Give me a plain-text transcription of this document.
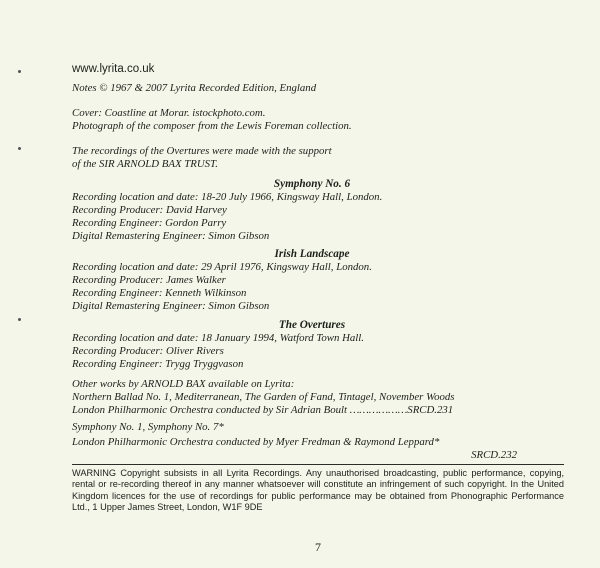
www.lyrita.co.uk
Notes © 1967 & 2007 Lyrita Recorded Edition, England
Cover: Coastline at Morar. istockphoto.com.
Photograph of the composer from the Lewis Foreman collection.
The recordings of the Overtures were made with the support
of the SIR ARNOLD BAX TRUST.
Symphony No. 6
Recording location and date: 18-20 July 1966, Kingsway Hall, London.
Recording Producer: David Harvey
Recording Engineer: Gordon Parry
Digital Remastering Engineer: Simon Gibson
Irish Landscape
Recording location and date: 29 April 1976, Kingsway Hall, London.
Recording Producer: James Walker
Recording Engineer: Kenneth Wilkinson
Digital Remastering Engineer: Simon Gibson
The Overtures
Recording location and date: 18 January 1994, Watford Town Hall.
Recording Producer: Oliver Rivers
Recording Engineer: Trygg Tryggvason
Other works by ARNOLD BAX available on Lyrita:
Northern Ballad No. 1, Mediterranean, The Garden of Fand, Tintagel, November Woods
London Philharmonic Orchestra conducted by Sir Adrian Boult ………………SRCD.231
Symphony No. 1, Symphony No. 7*
London Philharmonic Orchestra conducted by Myer Fredman & Raymond Leppard*
SRCD.232
WARNING Copyright subsists in all Lyrita Recordings. Any unauthorised broadcasting, public performance, copying, rental or re-recording thereof in any manner whatsoever will constitute an infringement of such copyright. In the United Kingdom licences for the use of recordings for public performance may be obtained from Phonographic Performance Ltd., 1 Upper James Street, London, W1F 9DE
7
